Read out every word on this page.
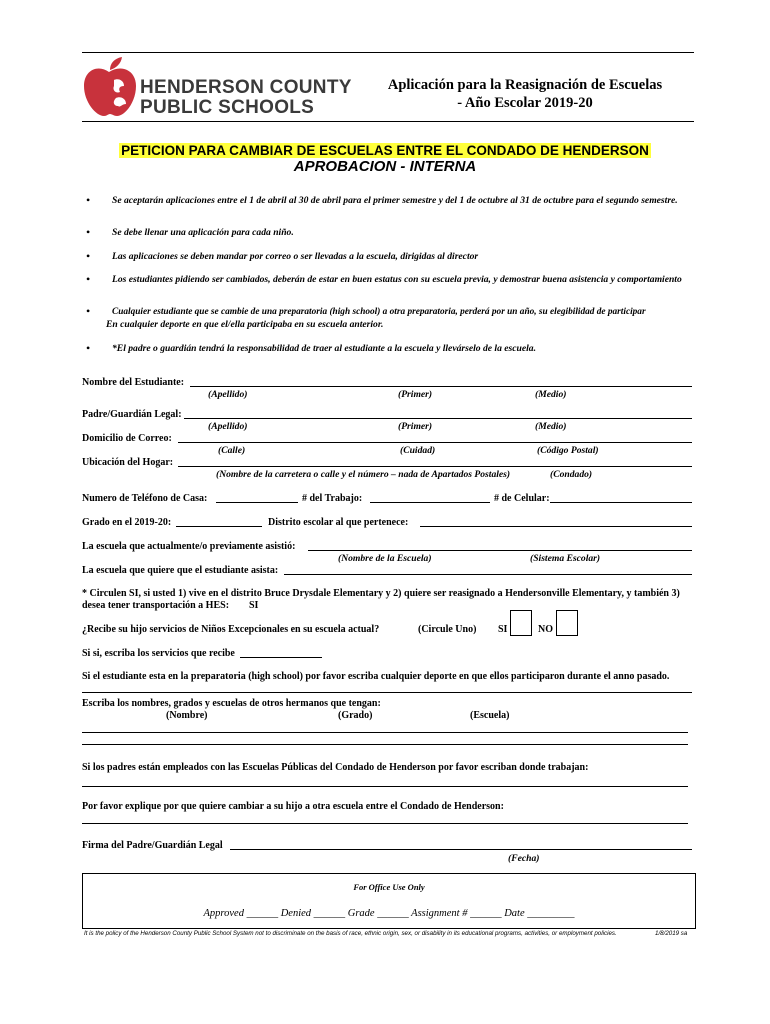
HENDERSON COUNTY
PUBLIC SCHOOLS
Aplicación para la Reasignación de Escuelas
- Año Escolar 2019-20
PETICION PARA CAMBIAR DE ESCUELAS ENTRE EL CONDADO DE HENDERSON
APROBACION - INTERNA
• Se aceptarán aplicaciones entre el 1 de abril al 30 de abril para el primer semestre y del 1 de octubre al 31 de octubre para el segundo semestre.
• Se debe llenar una aplicación para cada niño.
• Las aplicaciones se deben mandar por correo o ser llevadas a la escuela, dirigidas al director
• Los estudiantes pidiendo ser cambiados, deberán de estar en buen estatus con su escuela previa, y demostrar buena asistencia y comportamiento
• Cualquier estudiante que se cambie de una preparatoria (high school) a otra preparatoria, perderá por un año, su elegibilidad de participar
En cualquier deporte en que el/ella participaba en su escuela anterior.
• *El padre o guardián tendrá la responsabilidad de traer al estudiante a la escuela y llevárselo de la escuela.
Nombre del Estudiante:
(Apellido)	(Primer)	(Medio)
Padre/Guardián Legal:
(Apellido)	(Primer)	(Medio)
Domicilio de Correo:
(Calle)	(Cuidad)	(Código Postal)
Ubicación del Hogar:
(Nombre de la carretera o calle y el número – nada de Apartados Postales)	(Condado)
Numero de Teléfono de Casa:	# del Trabajo:	# de Celular:
Grado en el 2019-20:	Distrito escolar al que pertenece:
La escuela que actualmente/o previamente asistió:
(Nombre de la Escuela)	(Sistema Escolar)
La escuela que quiere que el estudiante asista:
* Circulen SI, si usted 1) vive en el distrito Bruce Drysdale Elementary y 2) quiere ser reasignado a Hendersonville Elementary, y también 3)
desea tener transportación a HES: SI
¿Recibe su hijo servicios de Niños Excepcionales en su escuela actual?	(Circule Uno) SI	NO
Si si, escriba los servicios que recibe
Si el estudiante esta en la preparatoria (high school) por favor escriba cualquier deporte en que ellos participaron durante el anno pasado.
Escriba los nombres, grados y escuelas de otros hermanos que tengan:
(Nombre)	(Grado)	(Escuela)
Si los padres están empleados con las Escuelas Públicas del Condado de Henderson por favor escriban donde trabajan:
Por favor explique por que quiere cambiar a su hijo a otra escuela entre el Condado de Henderson:
Firma del Padre/Guardián Legal
(Fecha)
For Office Use Only
Approved ______ Denied ______ Grade ______ Assignment # ______ Date _________
It is the policy of the Henderson County Public School System not to discriminate on the basis of race, ethnic origin, sex, or disability in its educational programs, activities, or employment policies.	1/8/2019 sa
